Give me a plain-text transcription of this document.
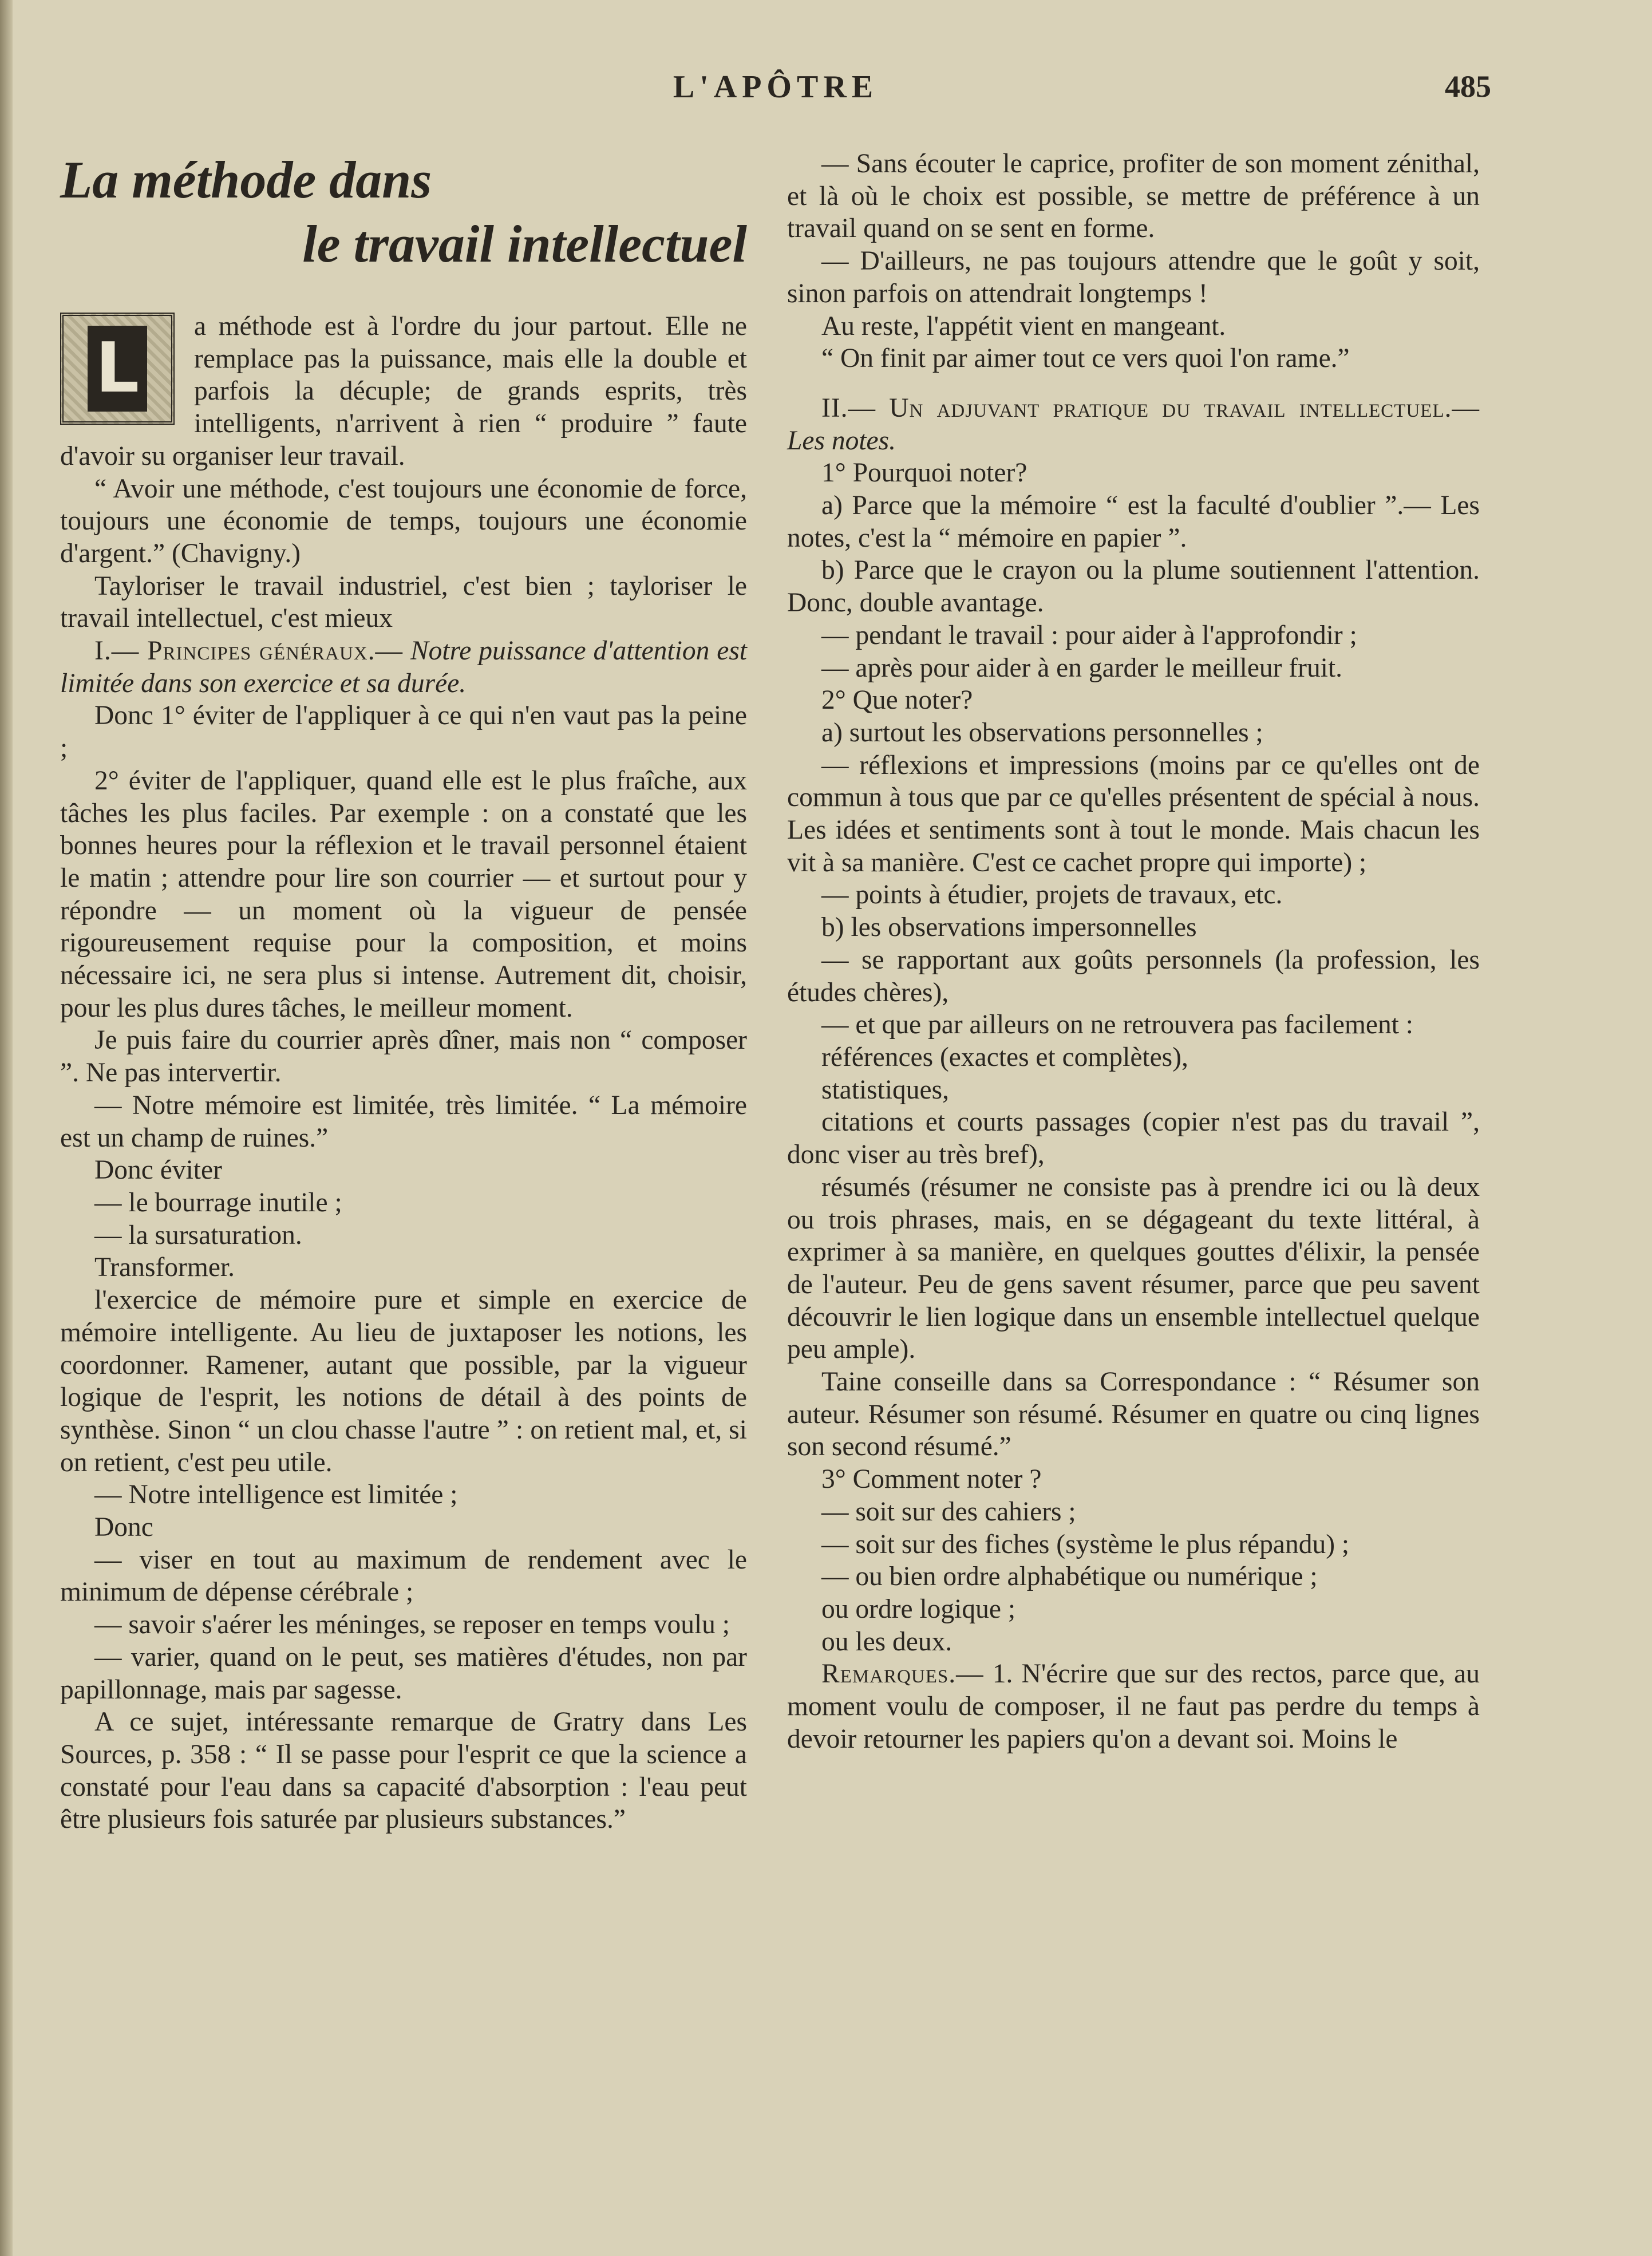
L'APÔTRE	485
La méthode dans
le travail intellectuel

L
a méthode est à l'ordre du jour partout. Elle ne remplace pas la puissance, mais elle la double et parfois la décuple; de grands esprits, très intelligents, n'arrivent à rien “ produire ” faute d'avoir su organiser leur travail.

“ Avoir une méthode, c'est toujours une économie de force, toujours une économie de temps, toujours une économie d'argent.” (Chavigny.)

Tayloriser le travail industriel, c'est bien ; tayloriser le travail intellectuel, c'est mieux

I.— Principes généraux.— Notre puissance d'attention est limitée dans son exercice et sa durée.

Donc 1° éviter de l'appliquer à ce qui n'en vaut pas la peine ;

2° éviter de l'appliquer, quand elle est le plus fraîche, aux tâches les plus faciles. Par exemple : on a constaté que les bonnes heures pour la réflexion et le travail personnel étaient le matin ; attendre pour lire son courrier — et surtout pour y répondre — un moment où la vigueur de pensée rigoureusement requise pour la composition, et moins nécessaire ici, ne sera plus si intense. Autrement dit, choisir, pour les plus dures tâches, le meilleur moment.

Je puis faire du courrier après dîner, mais non “ composer ”. Ne pas intervertir.

— Notre mémoire est limitée, très limitée. “ La mémoire est un champ de ruines.”

Donc éviter

— le bourrage inutile ;

— la sursaturation.

Transformer.

l'exercice de mémoire pure et simple en exercice de mémoire intelligente. Au lieu de juxtaposer les notions, les coordonner. Ramener, autant que possible, par la vigueur logique de l'esprit, les notions de détail à des points de synthèse. Sinon “ un clou chasse l'autre ” : on retient mal, et, si on retient, c'est peu utile.

— Notre intelligence est limitée ;

Donc

— viser en tout au maximum de rendement avec le minimum de dépense cérébrale ;

— savoir s'aérer les méninges, se reposer en temps voulu ;

— varier, quand on le peut, ses matières d'études, non par papillonnage, mais par sagesse.

A ce sujet, intéressante remarque de Gratry dans Les Sources, p. 358 : “ Il se passe pour l'esprit ce que la science a constaté pour l'eau dans sa capacité d'absorption : l'eau peut être plusieurs fois saturée par plusieurs substances.”

— Sans écouter le caprice, profiter de son moment zénithal, et là où le choix est possible, se mettre de préférence à un travail quand on se sent en forme.

— D'ailleurs, ne pas toujours attendre que le goût y soit, sinon parfois on attendrait longtemps !

Au reste, l'appétit vient en mangeant.

“ On finit par aimer tout ce vers quoi l'on rame.”

II.— Un adjuvant pratique du travail intellectuel.— Les notes.

1° Pourquoi noter?

a) Parce que la mémoire “ est la faculté d'oublier ”.— Les notes, c'est la “ mémoire en papier ”.

b) Parce que le crayon ou la plume soutiennent l'attention. Donc, double avantage.

— pendant le travail : pour aider à l'approfondir ;

— après pour aider à en garder le meilleur fruit.

2° Que noter?

a) surtout les observations personnelles ;

— réflexions et impressions (moins par ce qu'elles ont de commun à tous que par ce qu'elles présentent de spécial à nous. Les idées et sentiments sont à tout le monde. Mais chacun les vit à sa manière. C'est ce cachet propre qui importe) ;

— points à étudier, projets de travaux, etc.

b) les observations impersonnelles

— se rapportant aux goûts personnels (la profession, les études chères),

— et que par ailleurs on ne retrouvera pas facilement :

références (exactes et complètes),

statistiques,

citations et courts passages (copier n'est pas du travail ”, donc viser au très bref),

résumés (résumer ne consiste pas à prendre ici ou là deux ou trois phrases, mais, en se dégageant du texte littéral, à exprimer à sa manière, en quelques gouttes d'élixir, la pensée de l'auteur. Peu de gens savent résumer, parce que peu savent découvrir le lien logique dans un ensemble intellectuel quelque peu ample).

Taine conseille dans sa Correspondance : “ Résumer son auteur. Résumer son résumé. Résumer en quatre ou cinq lignes son second résumé.”

3° Comment noter ?

— soit sur des cahiers ;

— soit sur des fiches (système le plus répandu) ;

— ou bien ordre alphabétique ou numérique ;

ou ordre logique ;

ou les deux.

Remarques.— 1. N'écrire que sur des rectos, parce que, au moment voulu de composer, il ne faut pas perdre du temps à devoir retourner les papiers qu'on a devant soi. Moins le
